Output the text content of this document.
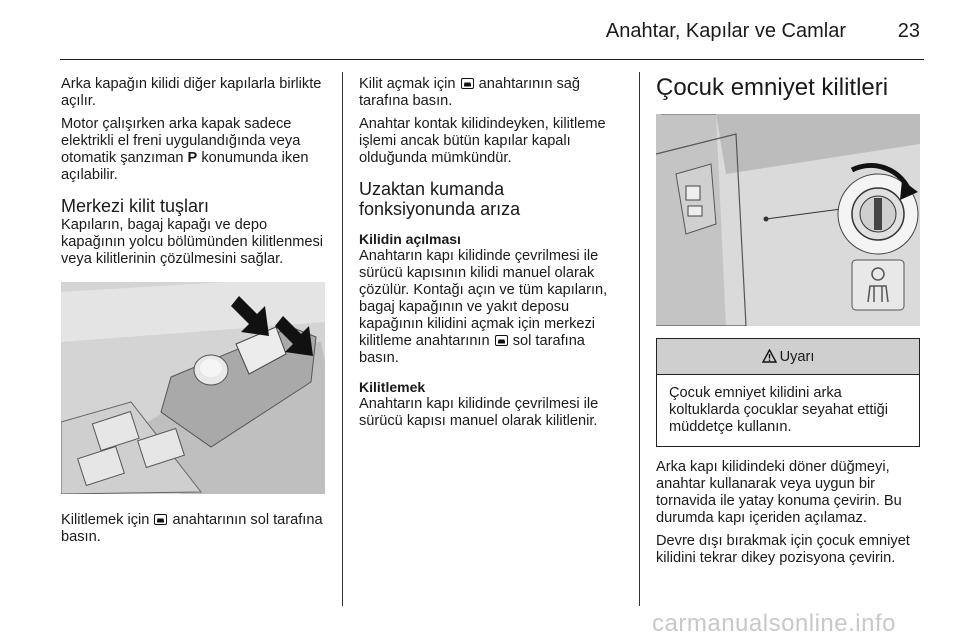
Anahtar, Kapılar ve Camlar	23

Arka kapağın kilidi diğer kapılarla birlikte açılır.

Motor çalışırken arka kapak sadece elektrikli el freni uygulandığında veya otomatik şanzıman P konumunda iken açılabilir.

Merkezi kilit tuşları

Kapıların, bagaj kapağı ve depo kapağının yolcu bölümünden kilitlenmesi veya kilitlerinin çözülmesini sağlar.

Kilitlemek için  anahtarının sol tarafına basın.

Kilit açmak için  anahtarının sağ tarafına basın.

Anahtar kontak kilidindeyken, kilitleme işlemi ancak bütün kapılar kapalı olduğunda mümkündür.

Uzaktan kumanda fonksiyonunda arıza
Kilidin açılması

Anahtarın kapı kilidinde çevrilmesi ile sürücü kapısının kilidi manuel olarak çözülür. Kontağı açın ve tüm kapıların, bagaj kapağının ve yakıt deposu kapağının kilidini açmak için merkezi kilitleme anahtarının  sol tarafına basın.

Kilitlemek

Anahtarın kapı kilidinde çevrilmesi ile sürücü kapısı manuel olarak kilitlenir.

Çocuk emniyet kilitleri
Uyarı
Çocuk emniyet kilidini arka koltuklarda çocuklar seyahat ettiği müddetçe kullanın.

Arka kapı kilidindeki döner düğmeyi, anahtar kullanarak veya uygun bir tornavida ile yatay konuma çevirin. Bu durumda kapı içeriden açılamaz.

Devre dışı bırakmak için çocuk emniyet kilidini tekrar dikey pozisyona çevirin.

carmanualsonline.info
